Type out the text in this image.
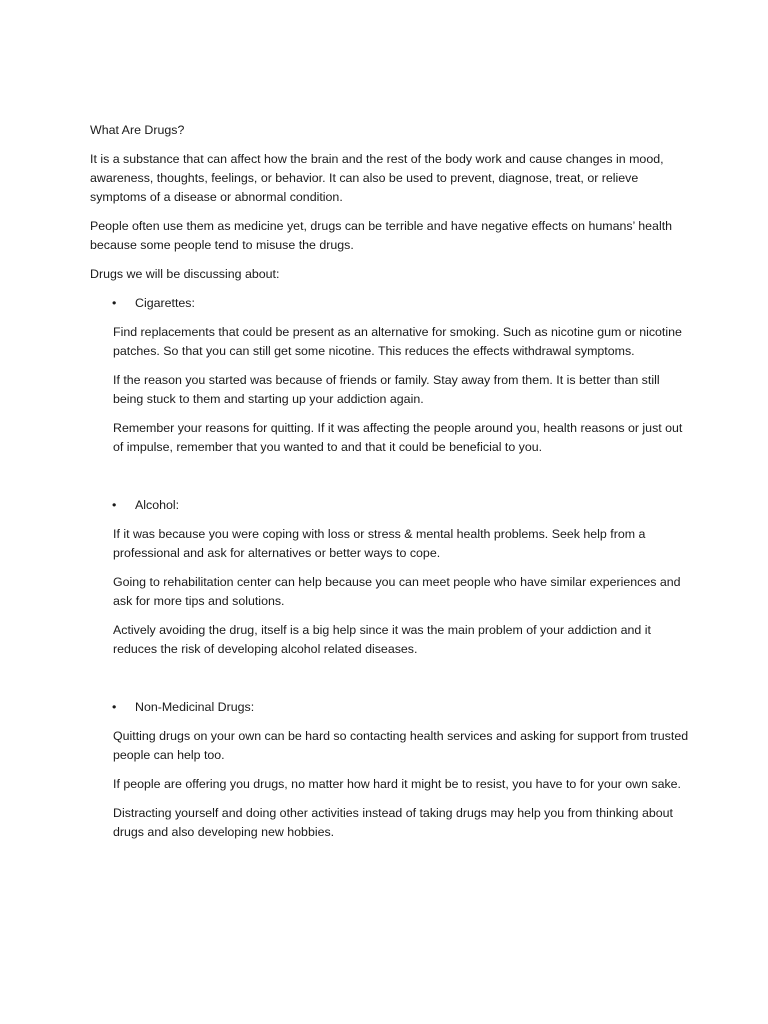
What Are Drugs?

It is a substance that can affect how the brain and the rest of the body work and cause changes in mood, awareness, thoughts, feelings, or behavior. It can also be used to prevent, diagnose, treat, or relieve symptoms of a disease or abnormal condition.

People often use them as medicine yet, drugs can be terrible and have negative effects on humans’ health because some people tend to misuse the drugs.

Drugs we will be discussing about:

• Cigarettes:

Find replacements that could be present as an alternative for smoking. Such as nicotine gum or nicotine patches. So that you can still get some nicotine. This reduces the effects withdrawal symptoms.

If the reason you started was because of friends or family. Stay away from them. It is better than still being stuck to them and starting up your addiction again.

Remember your reasons for quitting. If it was affecting the people around you, health reasons or just out of impulse, remember that you wanted to and that it could be beneficial to you.

• Alcohol:

If it was because you were coping with loss or stress & mental health problems. Seek help from a professional and ask for alternatives or better ways to cope.

Going to rehabilitation center can help because you can meet people who have similar experiences and ask for more tips and solutions.

Actively avoiding the drug, itself is a big help since it was the main problem of your addiction and it reduces the risk of developing alcohol related diseases.

• Non-Medicinal Drugs:

Quitting drugs on your own can be hard so contacting health services and asking for support from trusted people can help too.

If people are offering you drugs, no matter how hard it might be to resist, you have to for your own sake.

Distracting yourself and doing other activities instead of taking drugs may help you from thinking about drugs and also developing new hobbies.
